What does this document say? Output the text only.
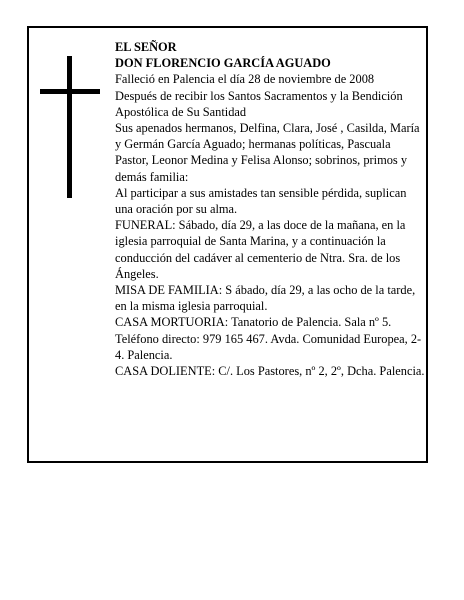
EL SEÑOR

DON FLORENCIO GARCÍA AGUADO

Falleció en Palencia el día 28 de noviembre de 2008

Después de recibir los Santos Sacramentos y la Bendición Apostólica de Su Santidad

Sus apenados hermanos, Delfina, Clara, José , Casilda, María y Germán García Aguado; hermanas políticas, Pascuala Pastor, Leonor Medina y Felisa Alonso; sobrinos, primos y demás familia:

Al participar a sus amistades tan sensible pérdida, suplican una oración por su alma.

FUNERAL: Sábado, día 29, a las doce de la mañana, en la iglesia parroquial de Santa Marina, y a continuación la conducción del cadáver al cementerio de Ntra. Sra. de los Ángeles.

MISA DE FAMILIA: S ábado, día 29, a las ocho de la tarde, en la misma iglesia parroquial.

CASA MORTUORIA: Tanatorio de Palencia. Sala nº 5. Teléfono directo: 979 165 467. Avda. Comunidad Europea, 2-4. Palencia.

CASA DOLIENTE: C/. Los Pastores, nº 2, 2º, Dcha. Palencia.
